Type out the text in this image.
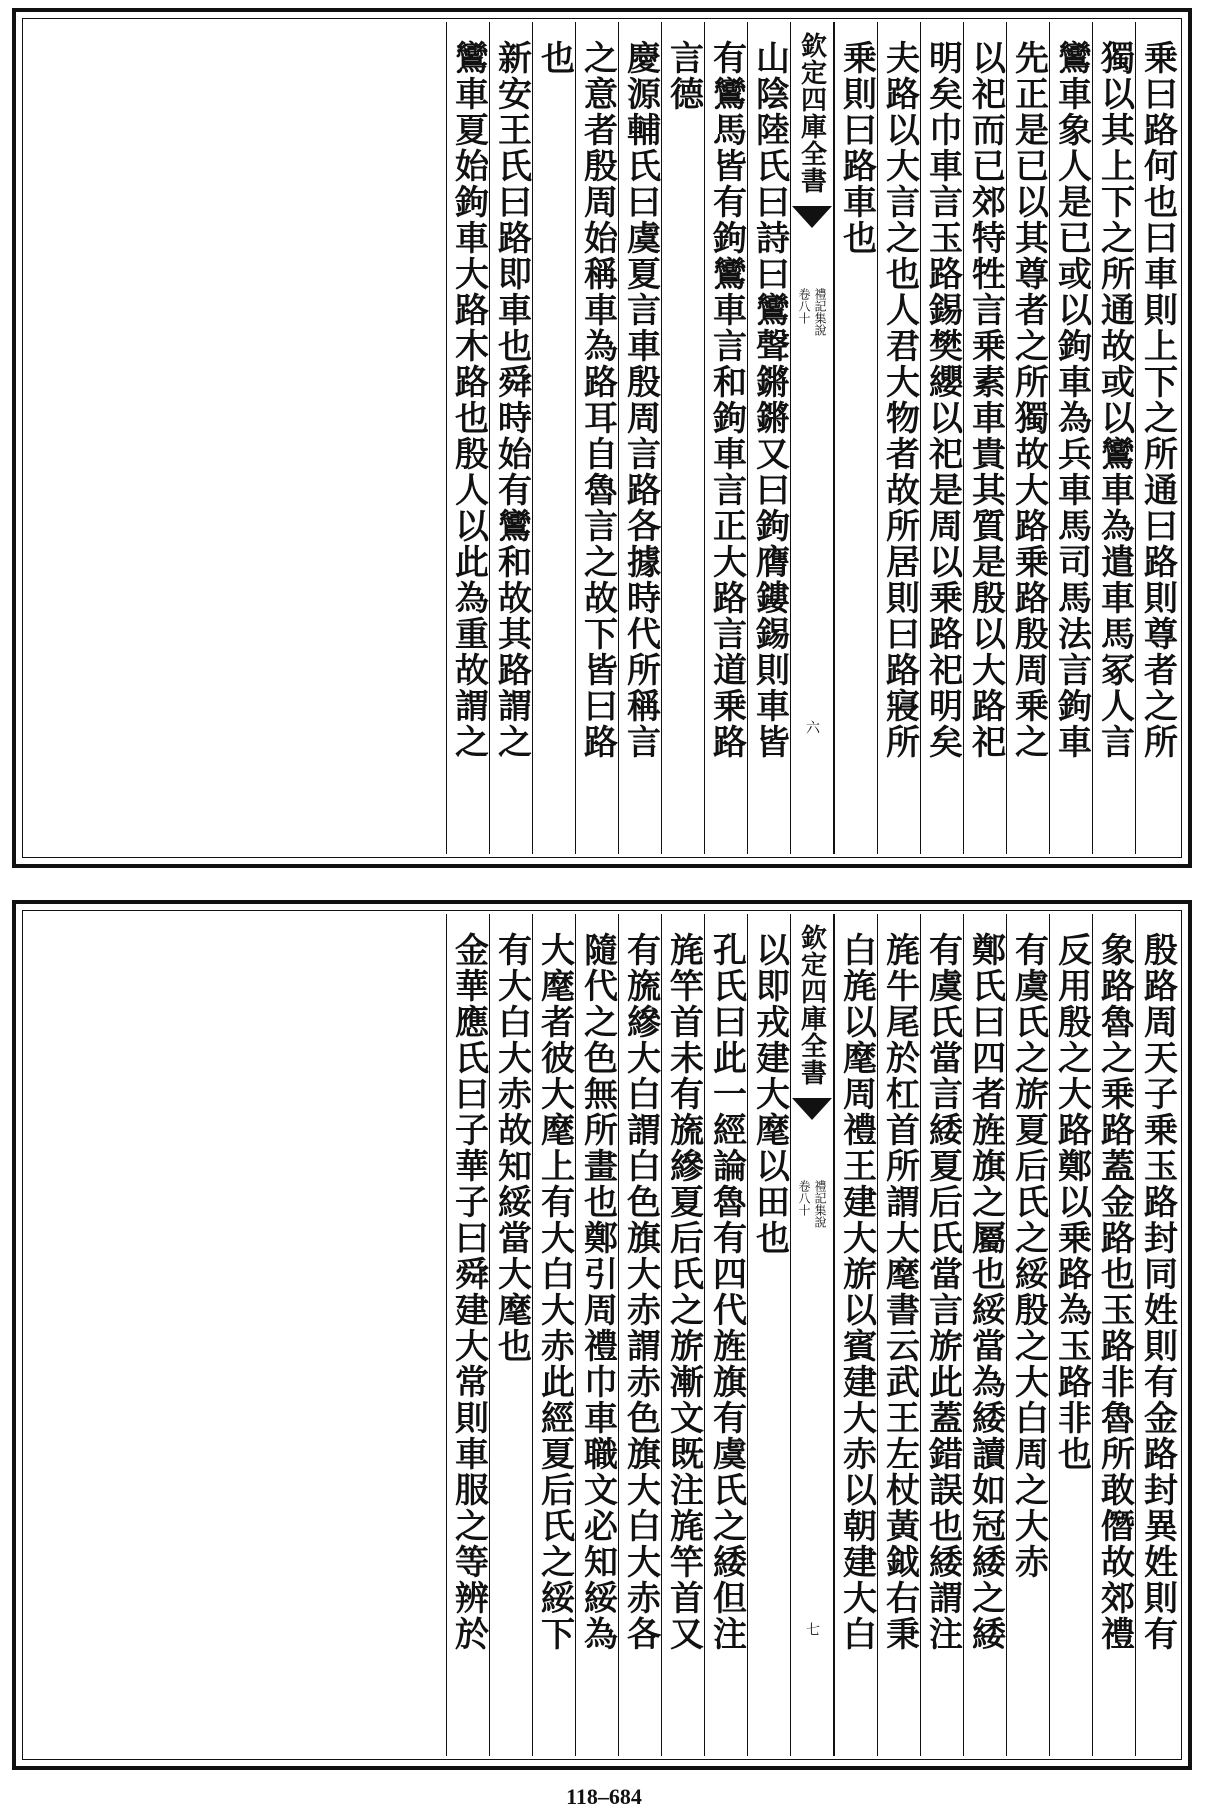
乗曰路何也曰車則上下之所通曰路則尊者之所
獨以其上下之所通故或以鸞車為遣車馬冢人言
鸞車象人是已或以鉤車為兵車馬司馬法言鉤車
先正是已以其尊者之所獨故大路乗路殷周乗之
以祀而已郊特牲言乗素車貴其質是殷以大路祀
明矣巾車言玉路錫樊纓以祀是周以乗路祀明矣
夫路以大言之也人君大物者故所居則曰路寢所
乗則曰路車也
欽定四庫全書
禮記集說
卷八十
六
山陰陸氏曰詩曰鸞聲鏘鏘又曰鉤膺鏤錫則車皆
有鸞馬皆有鉤鸞車言和鉤車言正大路言道乗路
言德
慶源輔氏曰虞夏言車殷周言路各據時代所稱言
之意者殷周始稱車為路耳自魯言之故下皆曰路
也
新安王氏曰路即車也舜時始有鸞和故其路謂之
鸞車夏始鉤車大路木路也殷人以此為重故謂之
殷路周天子乗玉路封同姓則有金路封異姓則有
象路魯之乗路蓋金路也玉路非魯所敢僭故郊禮
反用殷之大路鄭以乗路為玉路非也
有虞氏之旂夏后氏之綏殷之大白周之大赤
鄭氏曰四者旌旗之屬也綏當為緌讀如冠緌之緌
有虞氏當言緌夏后氏當言旂此蓋錯誤也緌謂注
旄牛尾於杠首所謂大麾書云武王左杖黃鉞右秉
白旄以麾周禮王建大旂以賓建大赤以朝建大白
欽定四庫全書
禮記集說
卷八十
七
以即戎建大麾以田也
孔氏曰此一經論魯有四代旌旗有虞氏之緌但注
旄竿首未有旒縿夏后氏之旂漸文既注旄竿首又
有旒縿大白謂白色旗大赤謂赤色旗大白大赤各
隨代之色無所畫也鄭引周禮巾車職文必知綏為
大麾者彼大麾上有大白大赤此經夏后氏之綏下
有大白大赤故知綏當大麾也
金華應氏曰子華子曰舜建大常則車服之等辨於
118–684
